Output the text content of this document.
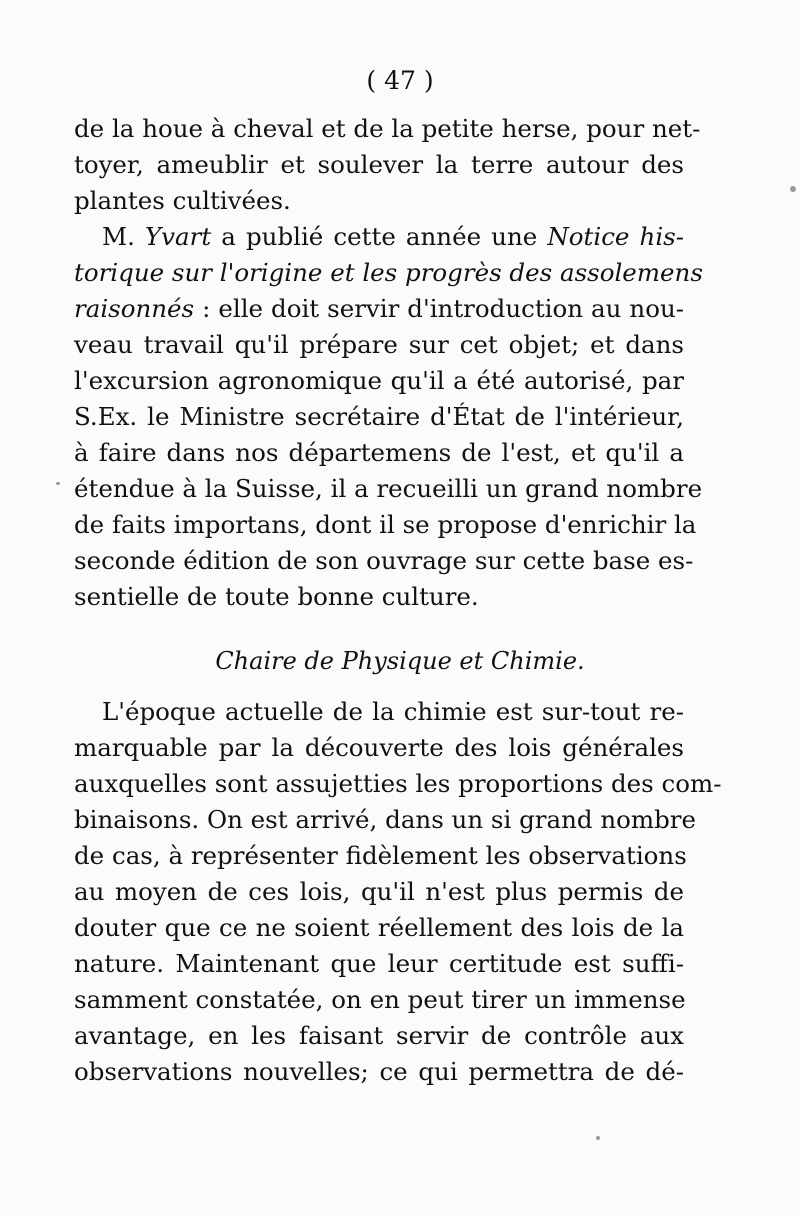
( 47 )
de la houe à cheval et de la petite herse, pour net-
toyer, ameublir et soulever la terre autour des
plantes cultivées.
M. Yvart a publié cette année une Notice his-
torique sur l'origine et les progrès des assolemens
raisonnés : elle doit servir d'introduction au nou-
veau travail qu'il prépare sur cet objet; et dans
l'excursion agronomique qu'il a été autorisé, par
S.Ex. le Ministre secrétaire d'État de l'intérieur,
à faire dans nos départemens de l'est, et qu'il a
étendue à la Suisse, il a recueilli un grand nombre
de faits importans, dont il se propose d'enrichir la
seconde édition de son ouvrage sur cette base es-
sentielle de toute bonne culture.
Chaire de Physique et Chimie.
L'époque actuelle de la chimie est sur-tout re-
marquable par la découverte des lois générales
auxquelles sont assujetties les proportions des com-
binaisons. On est arrivé, dans un si grand nombre
de cas, à représenter fidèlement les observations
au moyen de ces lois, qu'il n'est plus permis de
douter que ce ne soient réellement des lois de la
nature. Maintenant que leur certitude est suffi-
samment constatée, on en peut tirer un immense
avantage, en les faisant servir de contrôle aux
observations nouvelles; ce qui permettra de dé-
